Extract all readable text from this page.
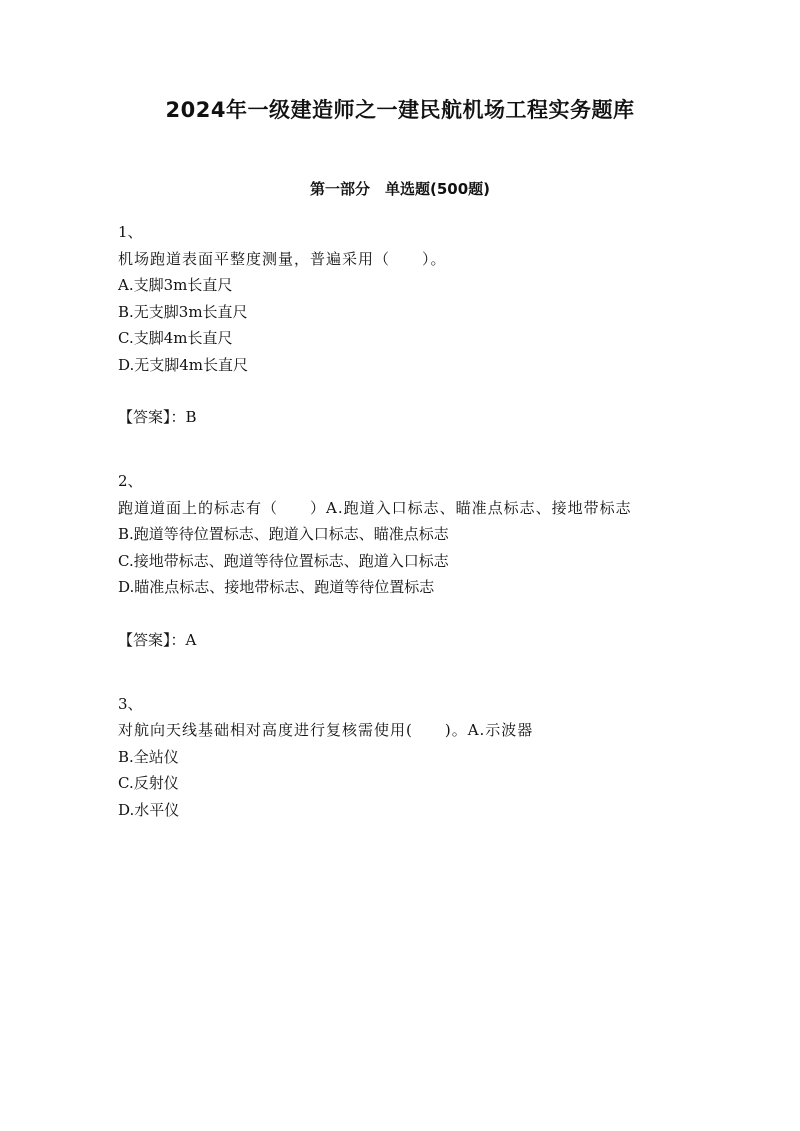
2024年一级建造师之一建民航机场工程实务题库
第一部分　单选题(500题)
1、
机场跑道表面平整度测量，普遍采用（　　）。
A.支脚3m长直尺
B.无支脚3m长直尺
C.支脚4m长直尺
D.无支脚4m长直尺
【答案】：B
2、
跑道道面上的标志有（　　）A.跑道入口标志、瞄准点标志、接地带标志
B.跑道等待位置标志、跑道入口标志、瞄准点标志
C.接地带标志、跑道等待位置标志、跑道入口标志
D.瞄准点标志、接地带标志、跑道等待位置标志
【答案】：A
3、
对航向天线基础相对高度进行复核需使用(　　)。A.示波器
B.全站仪
C.反射仪
D.水平仪
